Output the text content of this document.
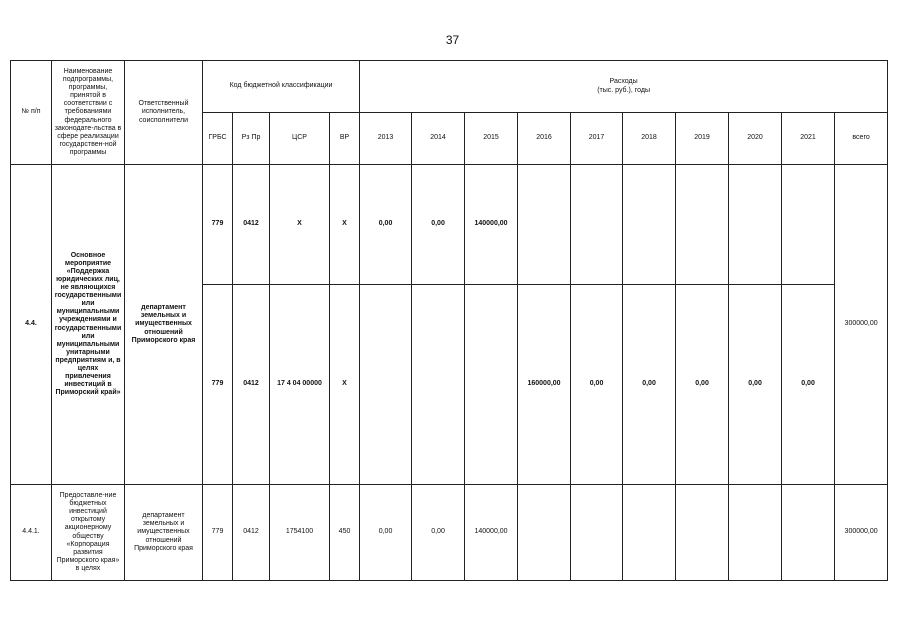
37
№ п/п	Наименование подпрограммы, программы, принятой в соответствии с требованиями федерального законодате-льства в сфере реализации государствен-ной программы	Ответственный исполнитель, соисполнители	Код бюджетной классификации				Расходы
(тыс. руб.), годы									

			ГРБС	Рз Пр	ЦСР	ВР	2013	2014	2015	2016	2017	2018	2019	2020	2021	всего
4.4.	Основное мероприятие «Поддержка юридических лиц, не являющихся государственными или муниципальными учреждениями и государственными или муниципальными унитарными предприятиям и, в целях привлечения инвестиций в Приморский край»	департамент земельных и имущественных отношений Приморского края	779	0412	Х	Х	0,00	0,00	140000,00							300000,00
			779	0412	17 4 04 00000	Х				160000,00	0,00	0,00	0,00	0,00	0,00	
4.4.1.	Предоставле-ние бюджетных инвестиций открытому акционерному обществу «Корпорация развития Приморского края» в целях	департамент земельных и имущественных отношений Приморского края	779	0412	1754100	450	0,00	0,00	140000,00							300000,00
